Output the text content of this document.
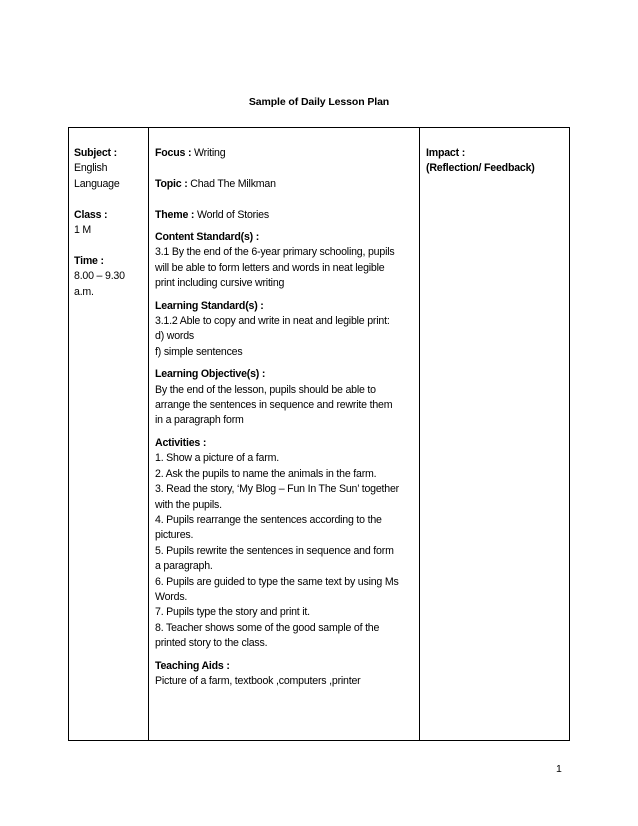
Sample of Daily Lesson Plan
Subject :
English
Language
Class :
1 M
Time :
8.00 – 9.30
a.m.
Focus : Writing
Topic : Chad The Milkman
Theme : World of Stories
Content Standard(s) :
3.1 By the end of the 6-year primary schooling, pupils
will be able to form letters and words in neat legible
print including cursive writing
Learning Standard(s) :
3.1.2 Able to copy and write in neat and legible print:
d) words
f) simple sentences
Learning Objective(s) :
By the end of the lesson, pupils should be able to
arrange the sentences in sequence and rewrite them
in a paragraph form
Activities :
1. Show a picture of a farm.
2. Ask the pupils to name the animals in the farm.
3. Read the story, ‘My Blog – Fun In The Sun’ together
with the pupils.
4. Pupils rearrange the sentences according to the
pictures.
5. Pupils rewrite the sentences in sequence and form
a paragraph.
6. Pupils are guided to type the same text by using Ms
Words.
7. Pupils type the story and print it.
8. Teacher shows some of the good sample of the
printed story to the class.
Teaching Aids :
Picture of a farm, textbook ,computers ,printer
Impact :
(Reflection/ Feedback)
1
